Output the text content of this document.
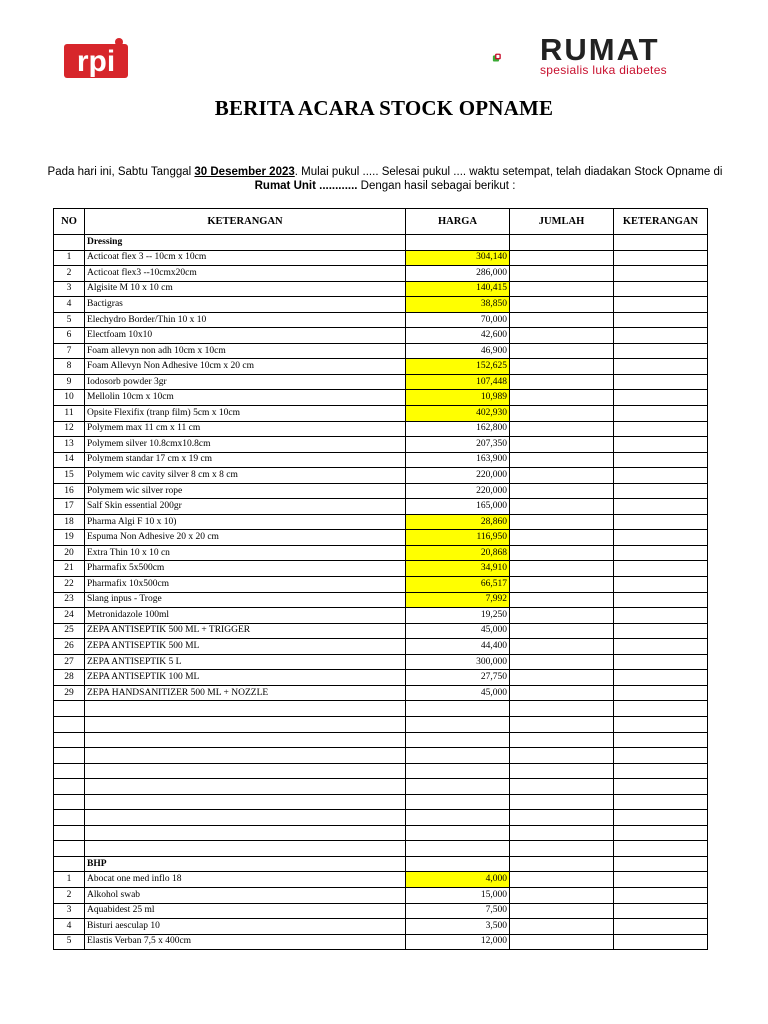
rpi	RUMAT
spesialis luka diabetes
BERITA ACARA STOCK OPNAME
Pada hari ini, Sabtu Tanggal 30 Desember 2023. Mulai pukul ..... Selesai pukul .... waktu setempat, telah diadakan Stock Opname di Rumat Unit ............ Dengan hasil sebagai berikut :
NO	KETERANGAN	HARGA	JUMLAH	KETERANGAN
	Dressing			
1	Acticoat flex 3 -- 10cm x 10cm	304,140		
2	Acticoat flex3 --10cmx20cm	286,000		
3	Algisite M 10 x 10 cm	140,415		
4	Bactigras	38,850		
5	Elechydro Border/Thin 10 x 10	70,000		
6	Electfoam 10x10	42,600		
7	Foam allevyn non adh 10cm x 10cm	46,900		
8	Foam Allevyn Non Adhesive 10cm x 20 cm	152,625		
9	Iodosorb powder 3gr	107,448		
10	Mellolin 10cm x 10cm	10,989		
11	Opsite Flexifix (tranp film) 5cm x 10cm	402,930		
12	Polymem max 11 cm x 11 cm	162,800		
13	Polymem silver 10.8cmx10.8cm	207,350		
14	Polymem standar 17 cm x 19 cm	163,900		
15	Polymem wic cavity silver 8 cm x 8 cm	220,000		
16	Polymem wic silver rope	220,000		
17	Salf Skin essential 200gr	165,000		
18	Pharma Algi F 10 x 10)	28,860		
19	Espuma Non Adhesive 20 x 20 cm	116,950		
20	Extra Thin 10 x 10 cn	20,868		
21	Pharmafix 5x500cm	34,910		
22	Pharmafix 10x500cm	66,517		
23	Slang inpus - Troge	7,992		
24	Metronidazole 100ml	19,250		
25	ZEPA ANTISEPTIK 500 ML + TRIGGER	45,000		
26	ZEPA ANTISEPTIK 500 ML	44,400		
27	ZEPA ANTISEPTIK 5 L	300,000		
28	ZEPA ANTISEPTIK 100 ML	27,750		
29	ZEPA HANDSANITIZER 500 ML + NOZZLE	45,000		

	BHP			
1	Abocat one med inflo 18	4,000		
2	Alkohol swab	15,000		
3	Aquabidest 25 ml	7,500		
4	Bisturi aesculap 10	3,500		
5	Elastis Verban 7,5 x 400cm	12,000		
